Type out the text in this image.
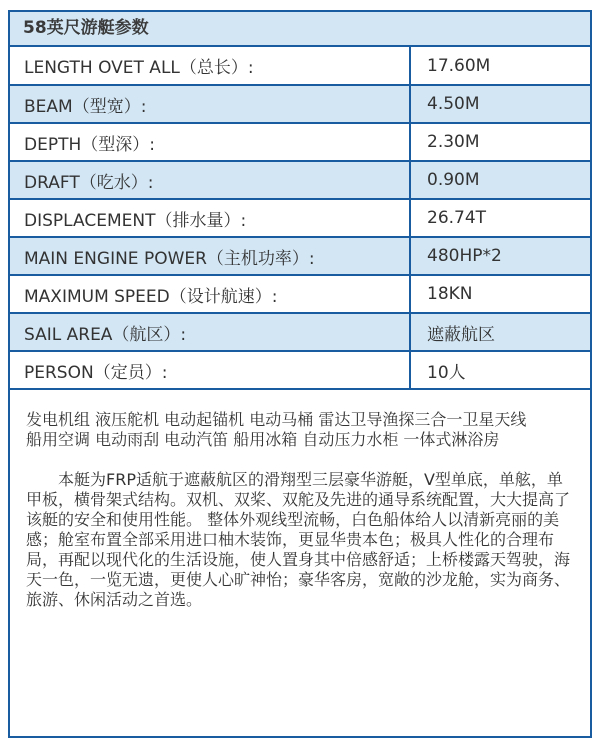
58英尺游艇参数
LENGTH OVET ALL（总长）:	17.60M
BEAM（型宽）:	4.50M
DEPTH（型深）:	2.30M
DRAFT（吃水）:	0.90M
DISPLACEMENT（排水量）:	26.74T
MAIN ENGINE POWER（主机功率）:	480HP*2
MAXIMUM SPEED（设计航速）:	18KN
SAIL AREA（航区）:	遮蔽航区
PERSON（定员）:	10人

发电机组 液压舵机 电动起锚机 电动马桶 雷达卫导渔探三合一卫星天线

船用空调 电动雨刮 电动汽笛 船用冰箱 自动压力水柜 一体式淋浴房

本艇为FRP适航于遮蔽航区的滑翔型三层豪华游艇，V型单底，单舷，单甲板，横骨架式结构。双机、双桨、双舵及先进的通导系统配置，大大提高了该艇的安全和使用性能。 整体外观线型流畅，白色船体给人以清新亮丽的美感；舱室布置全部采用进口柚木装饰，更显华贵本色；极具人性化的合理布局，再配以现代化的生活设施，使人置身其中倍感舒适；上桥楼露天驾驶，海天一色，一览无遗，更使人心旷神怡；豪华客房，宽敞的沙龙舱，实为商务、旅游、休闲活动之首选。
